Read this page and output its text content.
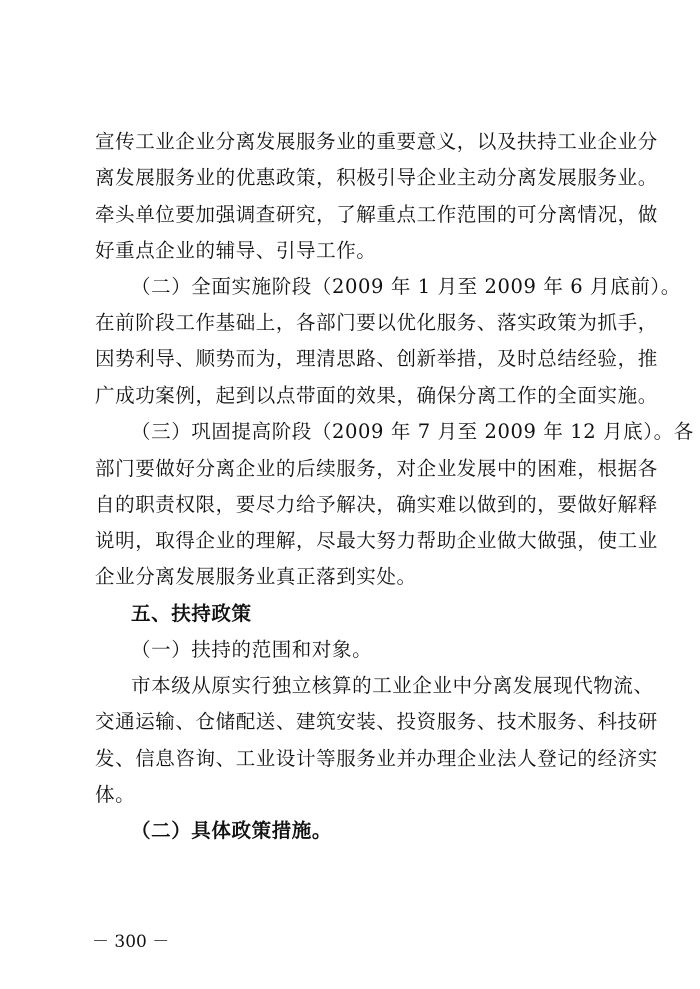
宣传工业企业分离发展服务业的重要意义，以及扶持工业企业分
离发展服务业的优惠政策，积极引导企业主动分离发展服务业。
牵头单位要加强调查研究，了解重点工作范围的可分离情况，做
好重点企业的辅导、引导工作。
（二）全面实施阶段（2009 年 1 月至 2009 年 6 月底前）。
在前阶段工作基础上，各部门要以优化服务、落实政策为抓手，
因势利导、顺势而为，理清思路、创新举措，及时总结经验，推
广成功案例，起到以点带面的效果，确保分离工作的全面实施。
（三）巩固提高阶段（2009 年 7 月至 2009 年 12 月底）。各
部门要做好分离企业的后续服务，对企业发展中的困难，根据各
自的职责权限，要尽力给予解决，确实难以做到的，要做好解释
说明，取得企业的理解，尽最大努力帮助企业做大做强，使工业
企业分离发展服务业真正落到实处。
五、扶持政策
（一）扶持的范围和对象。
市本级从原实行独立核算的工业企业中分离发展现代物流、
交通运输、仓储配送、建筑安装、投资服务、技术服务、科技研
发、信息咨询、工业设计等服务业并办理企业法人登记的经济实
体。
（二）具体政策措施。
－ 300 －
